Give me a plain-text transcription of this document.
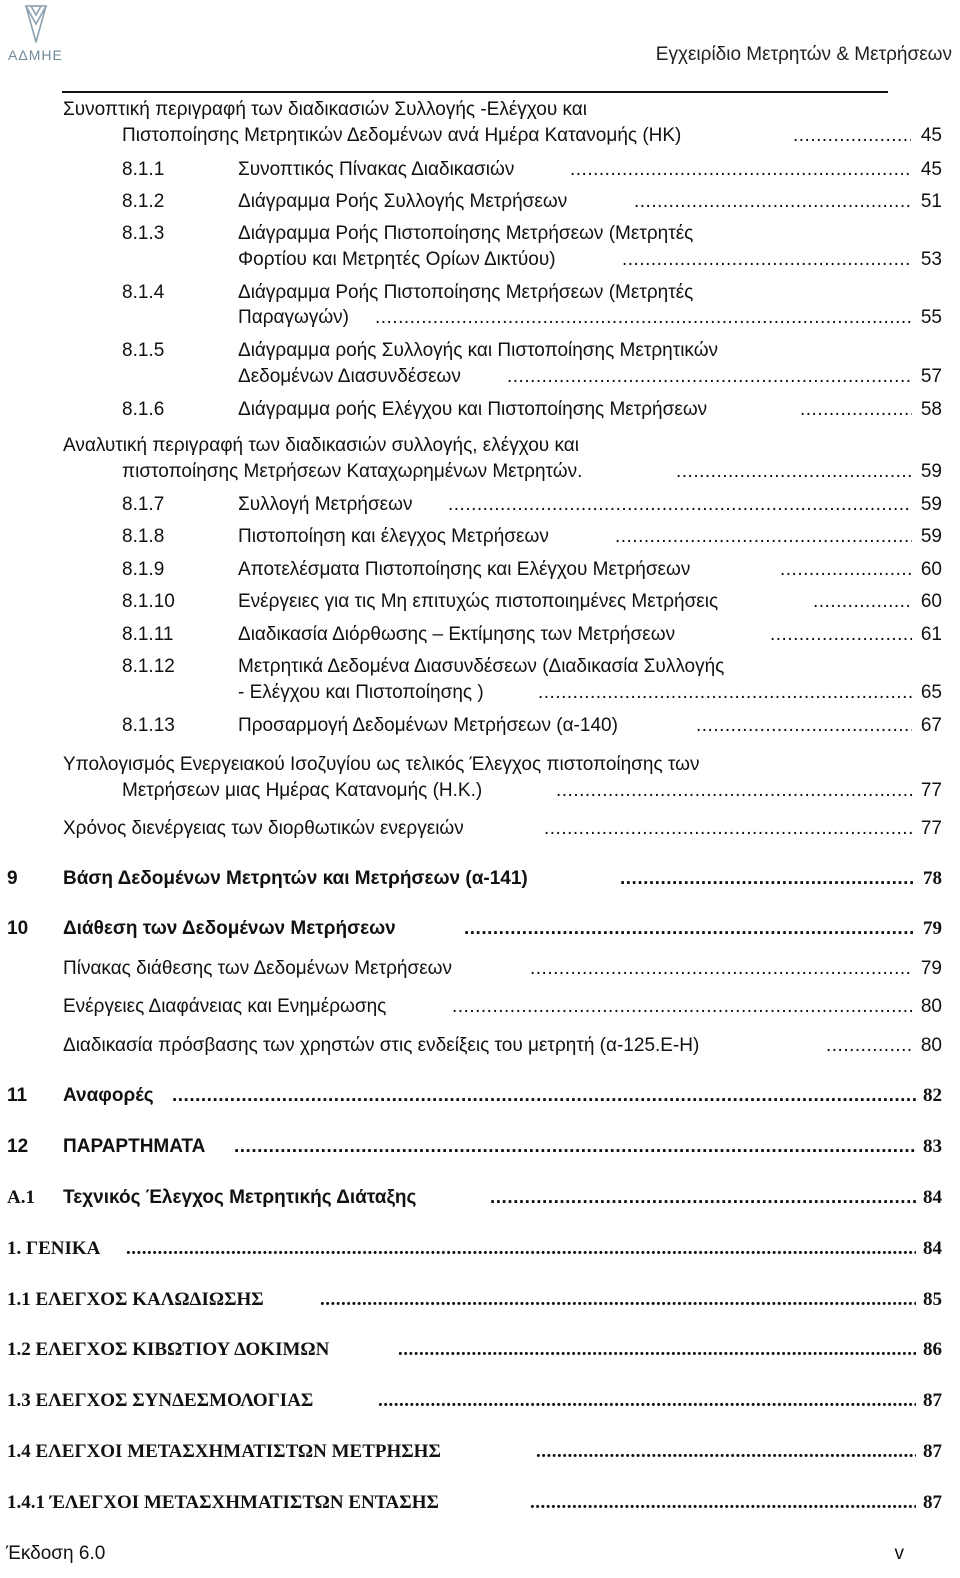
ΑΔΜΗΕ	Εγχειρίδιο Μετρητών & Μετρήσεων
Συνοπτική περιγραφή των διαδικασιών Συλλογής -Ελέγχου και
Πιστοποίησης Μετρητικών Δεδομένων ανά Ημέρα Κατανομής (ΗΚ) .....	45
8.1.1	Συνοπτικός Πίνακας Διαδικασιών .....	45
8.1.2	Διάγραμμα Ροής Συλλογής Μετρήσεων .....	51
8.1.3	Διάγραμμα Ροής Πιστοποίησης Μετρήσεων (Μετρητές
Φορτίου και Μετρητές Ορίων Δικτύου) .....	53
8.1.4	Διάγραμμα Ροής Πιστοποίησης Μετρήσεων (Μετρητές
Παραγωγών) .....	55
8.1.5	Διάγραμμα ροής Συλλογής και Πιστοποίησης Μετρητικών
Δεδομένων Διασυνδέσεων .....	57
8.1.6	Διάγραμμα ροής Ελέγχου και Πιστοποίησης Μετρήσεων .....	58
Αναλυτική περιγραφή των διαδικασιών συλλογής, ελέγχου και
πιστοποίησης Μετρήσεων Καταχωρημένων Μετρητών. .....	59
8.1.7	Συλλογή Μετρήσεων .....	59
8.1.8	Πιστοποίηση και έλεγχος Μετρήσεων .....	59
8.1.9	Αποτελέσματα Πιστοποίησης και Ελέγχου Μετρήσεων .....	60
8.1.10	Ενέργειες για τις Μη επιτυχώς πιστοποιημένες Μετρήσεις .....	60
8.1.11	Διαδικασία Διόρθωσης – Εκτίμησης των Μετρήσεων .....	61
8.1.12	Μετρητικά Δεδομένα Διασυνδέσεων (Διαδικασία Συλλογής
- Ελέγχου και Πιστοποίησης ) .....	65
8.1.13	Προσαρμογή Δεδομένων Μετρήσεων (α-140) .....	67
Υπολογισμός Ενεργειακού Ισοζυγίου ως τελικός Έλεγχος πιστοποίησης των
Μετρήσεων μιας Ημέρας Κατανομής (Η.Κ.) .....	77
Χρόνος διενέργειας των διορθωτικών ενεργειών .....	77
9 Βάση Δεδομένων Μετρητών και Μετρήσεων (α-141) .....	78
10 Διάθεση των Δεδομένων Μετρήσεων .....	79
Πίνακας διάθεσης των Δεδομένων Μετρήσεων .....	79
Ενέργειες Διαφάνειας και Ενημέρωσης .....	80
Διαδικασία πρόσβασης των χρηστών στις ενδείξεις του μετρητή (α-125.Ε-Η) .....	80
11 Αναφορές .....	82
12 ΠΑΡΑΡΤΗΜΑΤΑ .....	83
A.1 Τεχνικός Έλεγχος Μετρητικής Διάταξης .....	84
1. ΓΕΝΙΚΑ .....	84
1.1 ΕΛΕΓΧΟΣ ΚΑΛΩΔΙΩΣΗΣ .....	85
1.2 ΕΛΕΓΧΟΣ ΚΙΒΩΤΙΟΥ ΔΟΚΙΜΩΝ .....	86
1.3 ΕΛΕΓΧΟΣ ΣΥΝΔΕΣΜΟΛΟΓΙΑΣ .....	87
1.4 ΕΛΕΓΧΟΙ ΜΕΤΑΣΧΗΜΑΤΙΣΤΩΝ ΜΕΤΡΗΣΗΣ .....	87
1.4.1 ΈΛΕΓΧΟΙ ΜΕΤΑΣΧΗΜΑΤΙΣΤΩΝ ΕΝΤΑΣΗΣ .....	87
Έκδοση 6.0	v
